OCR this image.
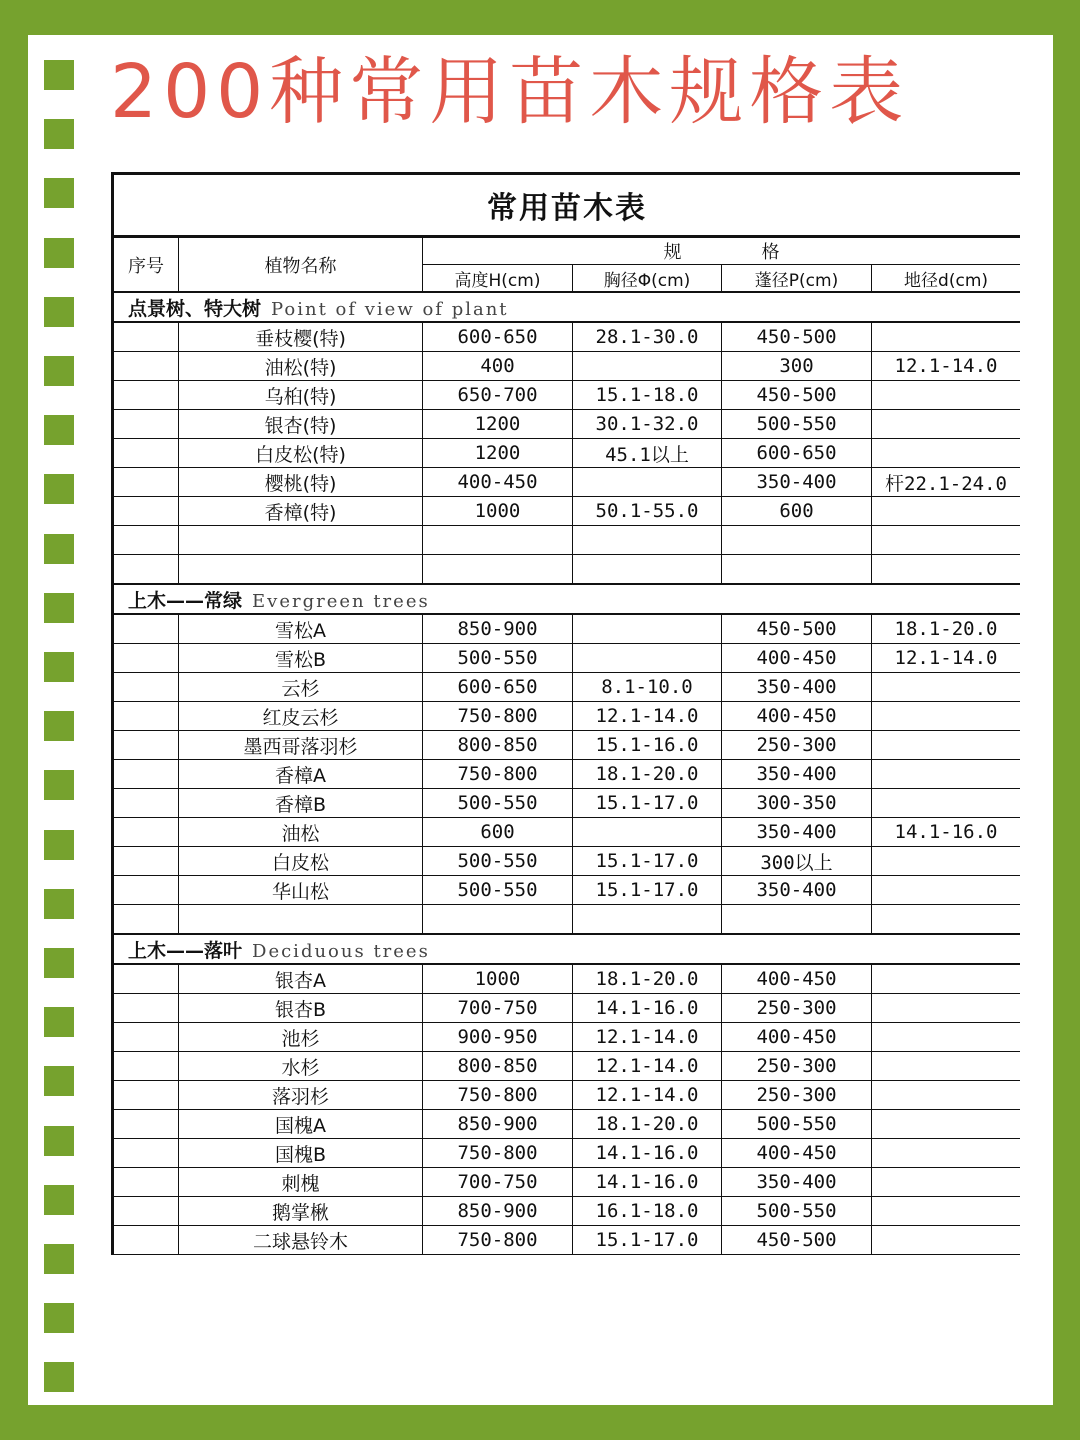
200种常用苗木规格表
常用苗木表					
序号	植物名称	规格			
		高度H(cm)	胸径Φ(cm)	蓬径P(cm)	地径d(cm)
点景树、特大树 Point of view of plant					
	垂枝樱(特)	600-650	28.1-30.0	450-500	
	油松(特)	400		300	12.1-14.0
	乌桕(特)	650-700	15.1-18.0	450-500	
	银杏(特)	1200	30.1-32.0	500-550	
	白皮松(特)	1200	45.1以上	600-650	
	樱桃(特)	400-450		350-400	杆22.1-24.0
	香樟(特)	1000	50.1-55.0	600	

上木——常绿 Evergreen trees					
	雪松A	850-900		450-500	18.1-20.0
	雪松B	500-550		400-450	12.1-14.0
	云杉	600-650	8.1-10.0	350-400	
	红皮云杉	750-800	12.1-14.0	400-450	
	墨西哥落羽杉	800-850	15.1-16.0	250-300	
	香樟A	750-800	18.1-20.0	350-400	
	香樟B	500-550	15.1-17.0	300-350	
	油松	600		350-400	14.1-16.0
	白皮松	500-550	15.1-17.0	300以上	
	华山松	500-550	15.1-17.0	350-400	

上木——落叶 Deciduous trees					
	银杏A	1000	18.1-20.0	400-450	
	银杏B	700-750	14.1-16.0	250-300	
	池杉	900-950	12.1-14.0	400-450	
	水杉	800-850	12.1-14.0	250-300	
	落羽杉	750-800	12.1-14.0	250-300	
	国槐A	850-900	18.1-20.0	500-550	
	国槐B	750-800	14.1-16.0	400-450	
	刺槐	700-750	14.1-16.0	350-400	
	鹅掌楸	850-900	16.1-18.0	500-550	
	二球悬铃木	750-800	15.1-17.0	450-500	
